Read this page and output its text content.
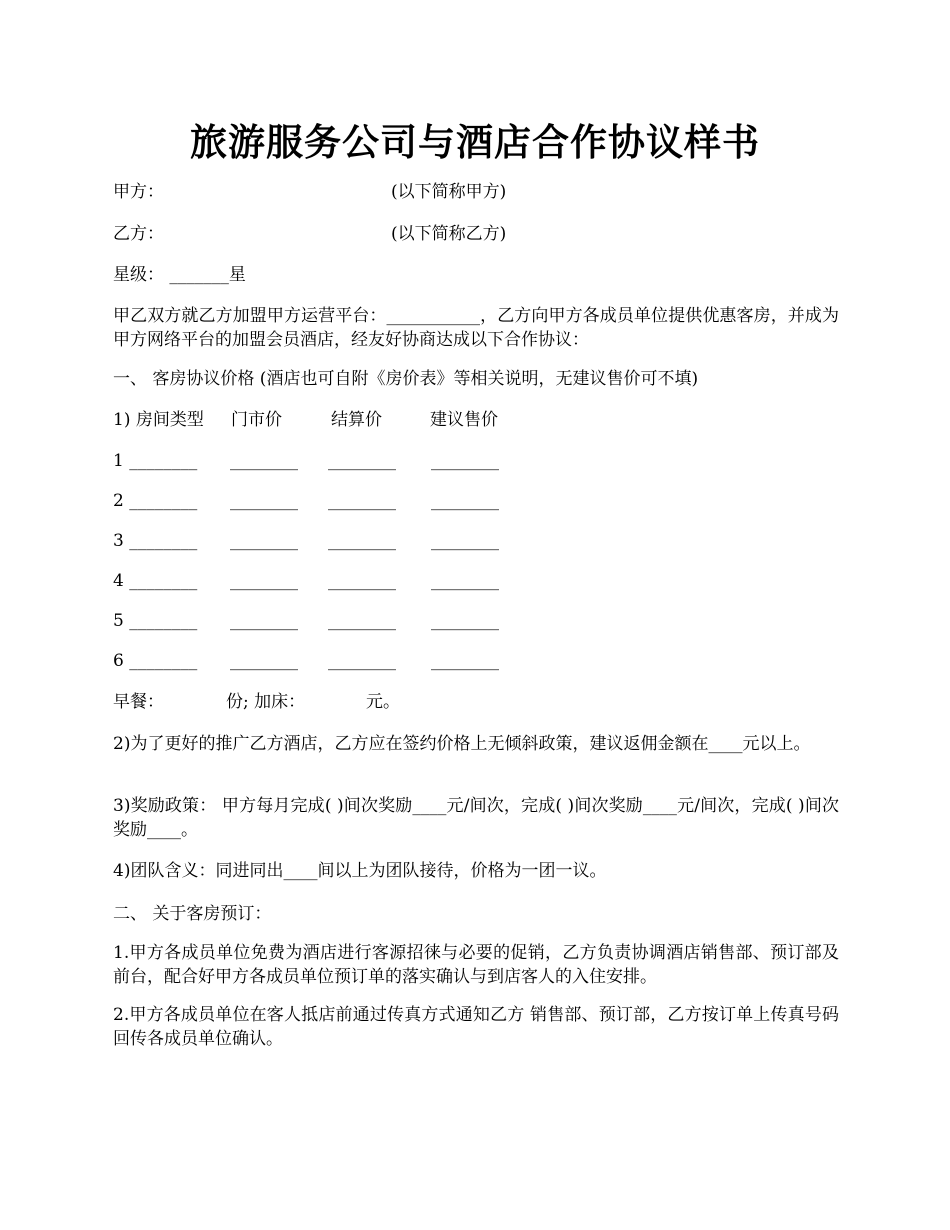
旅游服务公司与酒店合作协议样书
甲方：	(以下简称甲方)
乙方：	(以下简称乙方)
星级： _______星
甲乙双方就乙方加盟甲方运营平台：___________，乙方向甲方各成员单位提供优惠客房，并成为甲方网络平台的加盟会员酒店，经友好协商达成以下合作协议：
一、 客房协议价格 (酒店也可自附《房价表》等相关说明，无建议售价可不填)
1) 房间类型 门市价	结算价	建议售价
1 ________ ________ ________ ________
2 ________ ________ ________ ________
3 ________ ________ ________ ________
4 ________ ________ ________ ________
5 ________ ________ ________ ________
6 ________ ________ ________ ________
早餐：	份; 加床：	元。
2)为了更好的推广乙方酒店，乙方应在签约价格上无倾斜政策，建议返佣金额在____元以上。
3)奖励政策： 甲方每月完成( )间次奖励____元/间次，完成( )间次奖励____元/间次，完成( )间次奖励____。
4)团队含义：同进同出____间以上为团队接待，价格为一团一议。
二、 关于客房预订：
1.甲方各成员单位免费为酒店进行客源招徕与必要的促销，乙方负责协调酒店销售部、预订部及前台，配合好甲方各成员单位预订单的落实确认与到店客人的入住安排。
2.甲方各成员单位在客人抵店前通过传真方式通知乙方 销售部、预订部，乙方按订单上传真号码回传各成员单位确认。
